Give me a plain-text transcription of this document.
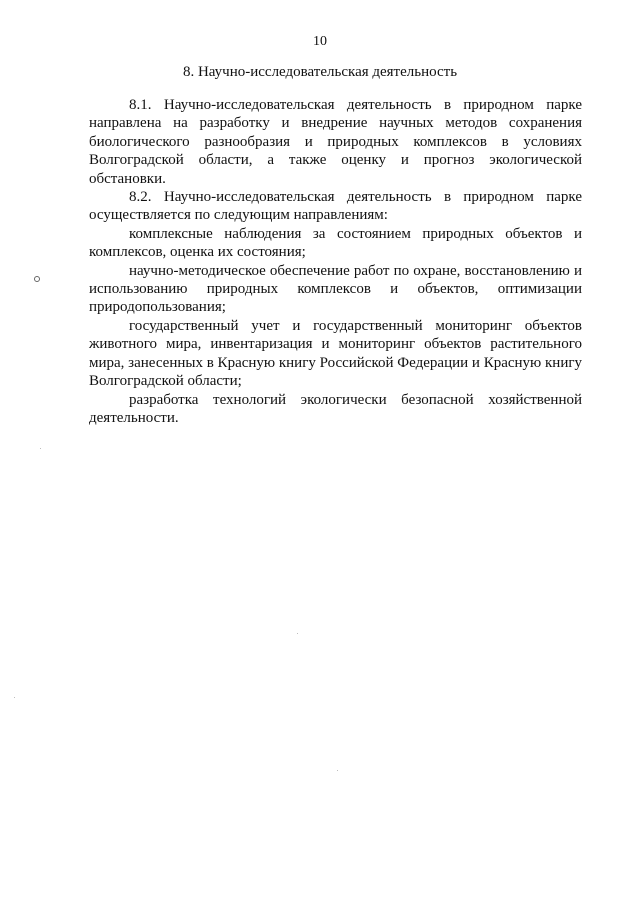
10
8. Научно-исследовательская деятельность

8.1. Научно-исследовательская деятельность в природном парке направлена на разработку и внедрение научных методов сохранения биологического разнообразия и природных комплексов в условиях Волгоградской области, а также оценку и прогноз экологической обстановки.

8.2. Научно-исследовательская деятельность в природном парке осуществляется по следующим направлениям:

комплексные наблюдения за состоянием природных объектов и комплексов, оценка их состояния;

научно-методическое обеспечение работ по охране, восстановлению и использованию природных комплексов и объектов, оптимизации природопользования;

государственный учет и государственный мониторинг объектов животного мира, инвентаризация и мониторинг объектов растительного мира, занесенных в Красную книгу Российской Федерации и Красную книгу Волгоградской области;

разработка технологий экологически безопасной хозяйственной деятельности.
